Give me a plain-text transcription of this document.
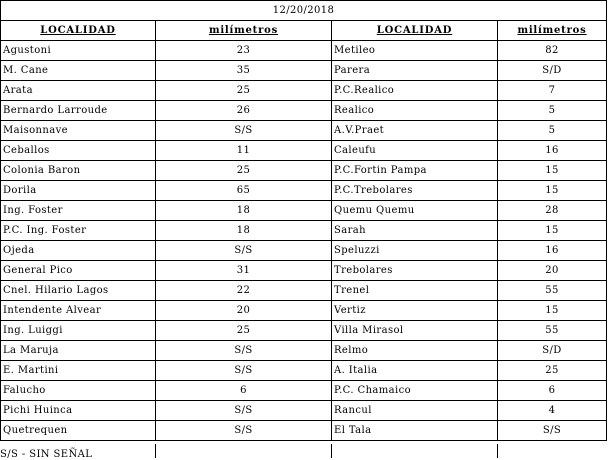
12/20/2018			
LOCALIDAD	milímetros	LOCALIDAD	milímetros
Agustoni	23	Metileo	82
M. Cane	35	Parera	S/D
Arata	25	P.C.Realico	7
Bernardo Larroude	26	Realico	5
Maisonnave	S/S	A.V.Praet	5
Ceballos	11	Caleufu	16
Colonia Baron	25	P.C.Fortin Pampa	15
Dorila	65	P.C.Trebolares	15
Ing. Foster	18	Quemu Quemu	28
P.C. Ing. Foster	18	Sarah	15
Ojeda	S/S	Speluzzi	16
General Pico	31	Trebolares	20
Cnel. Hilario Lagos	22	Trenel	55
Intendente Alvear	20	Vertiz	15
Ing. Luiggi	25	Villa Mirasol	55
La Maruja	S/S	Relmo	S/D
E. Martini	S/S	A. Italia	25
Falucho	6	P.C. Chamaico	6
Pichi Huinca	S/S	Rancul	4
Quetrequen	S/S	El Tala	S/S
S/S - SIN SEÑAL
